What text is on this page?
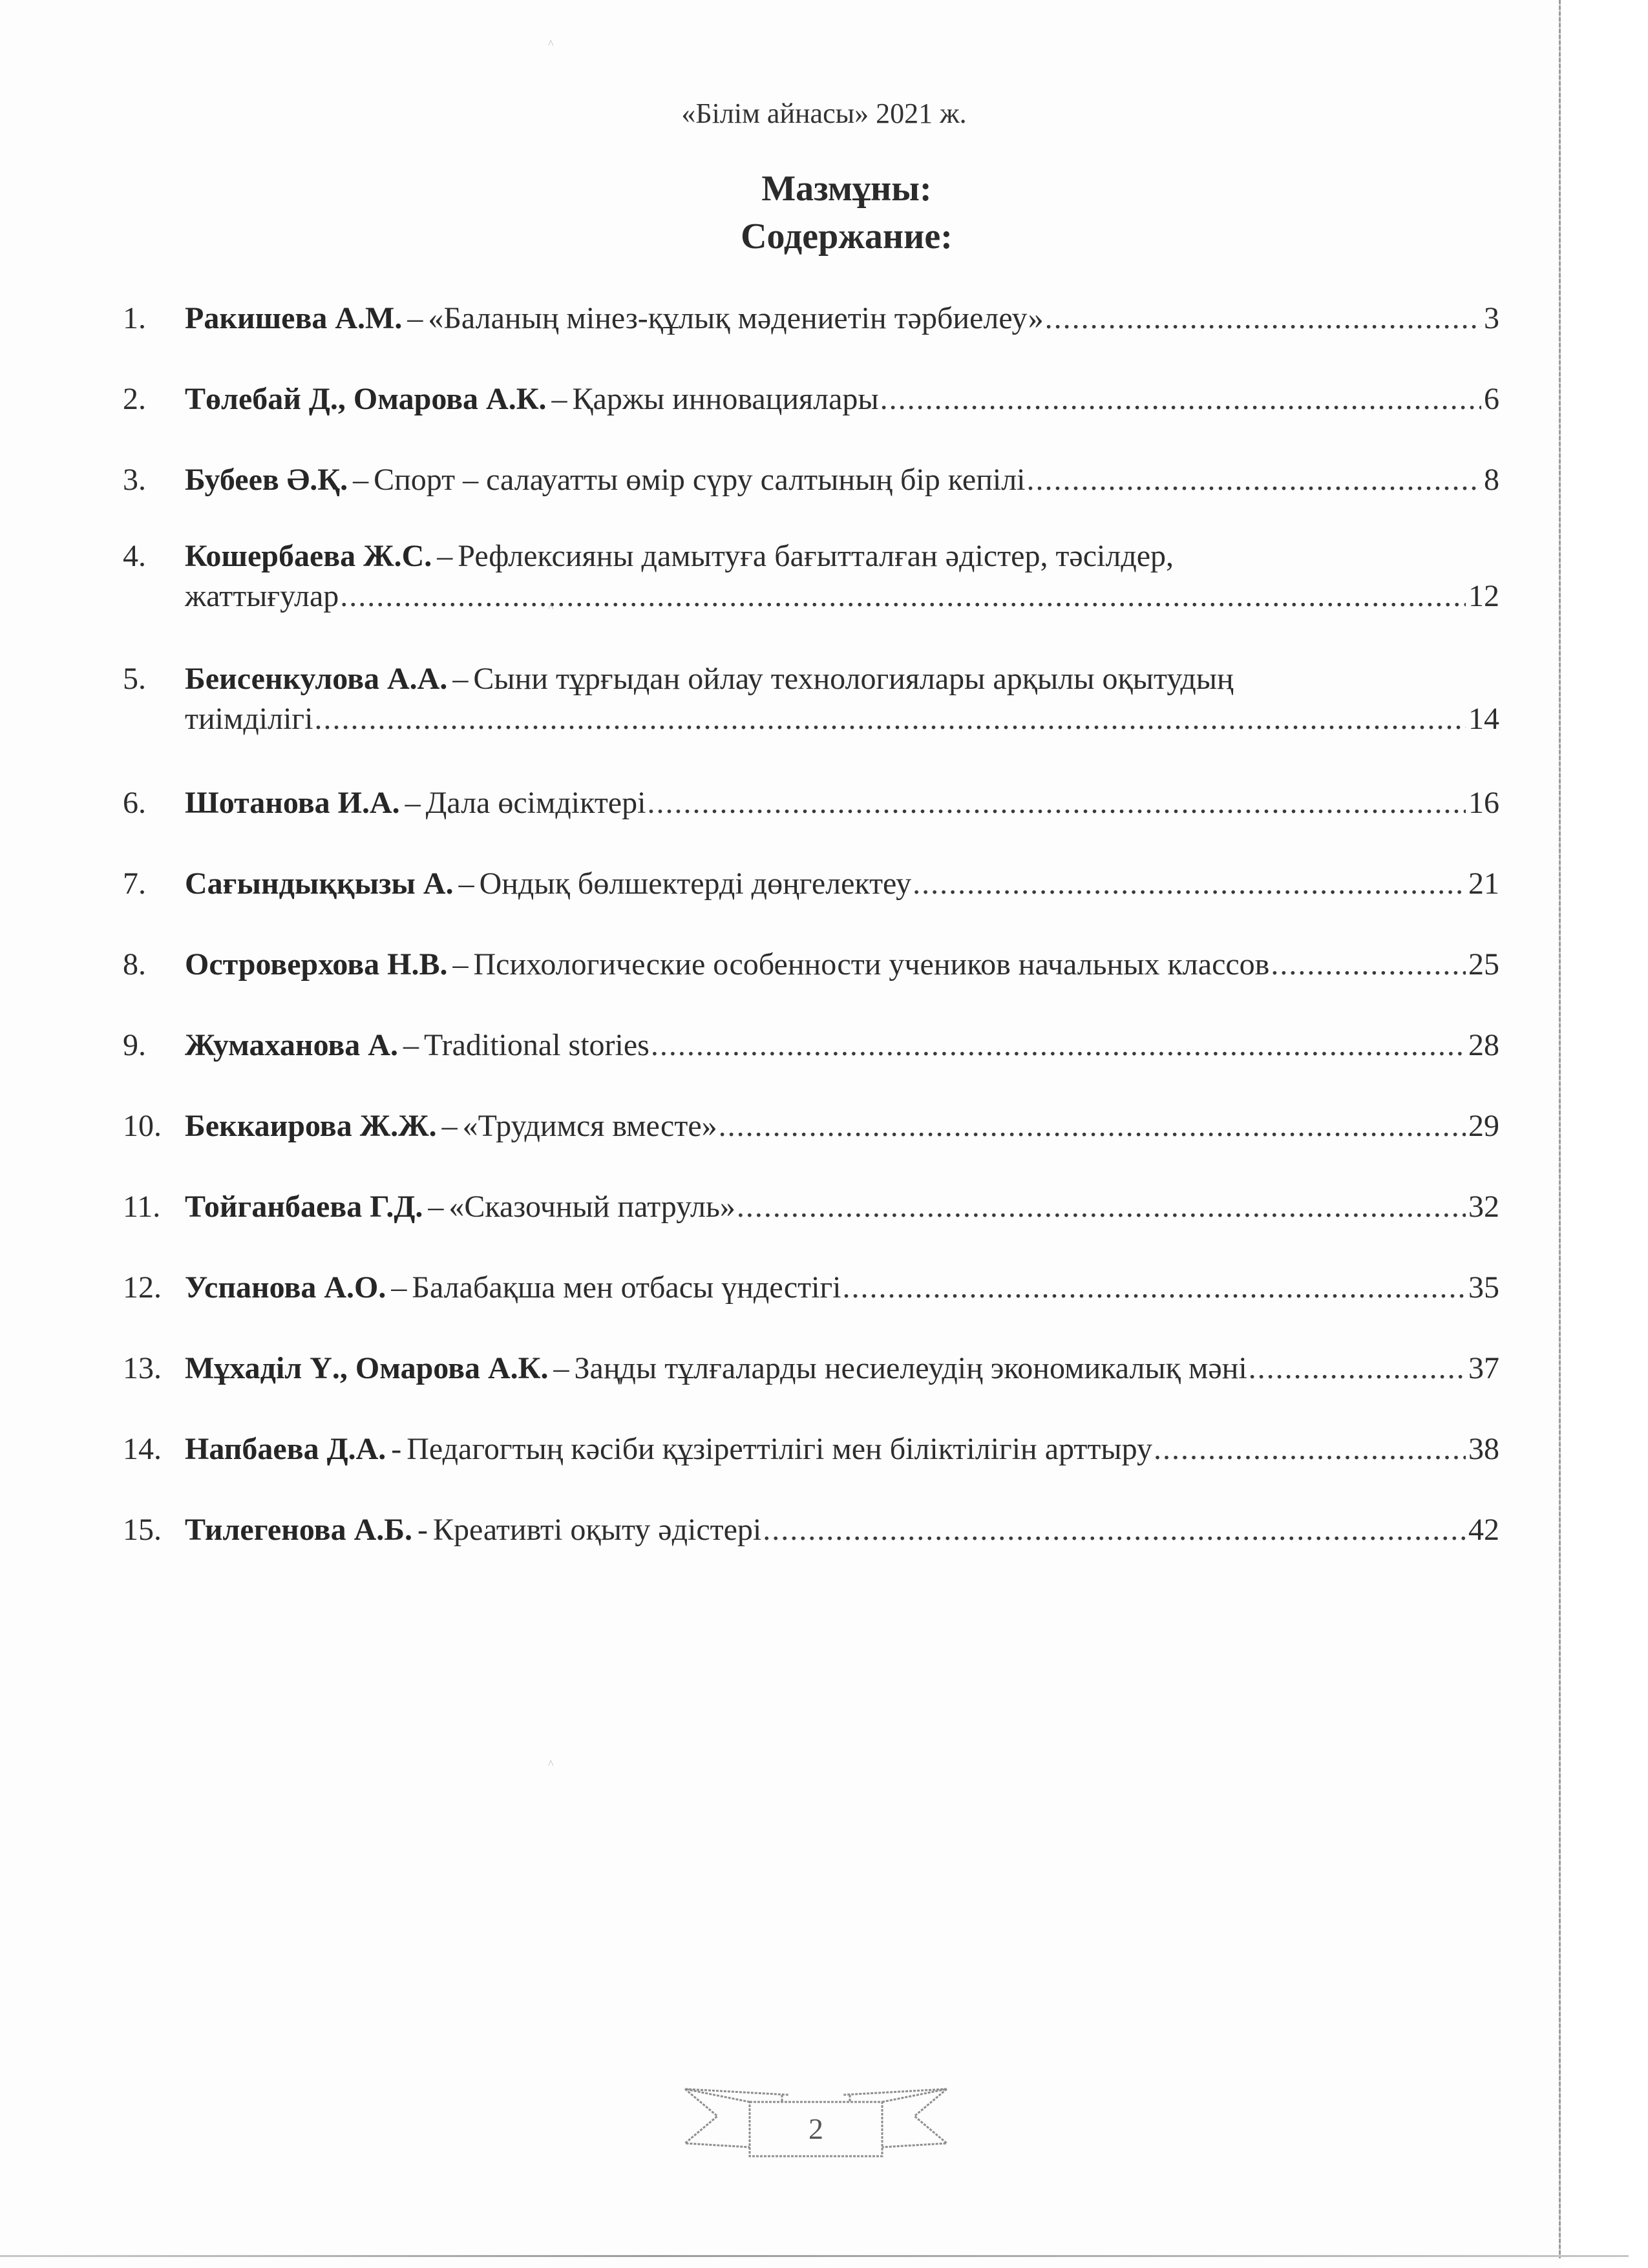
«Білім айнасы» 2021 ж.
Мазмұны:
Содержание:
1.	Ракишева А.М. – «Баланың мінез-құлық мәдениетін тәрбиелеу» .....	3
2.	Төлебай Д., Омарова А.К. – Қаржы инновациялары .....	6
3.	Бубеев Ә.Қ. – Спорт – салауатты өмір сүру салтының бір кепілі .....	8
4.	Кошербаева Ж.С. – Рефлексияны дамытуға бағытталған әдістер, тәсілдер,
жаттығулар .....	12
5.	Беисенкулова А.А. – Сыни тұрғыдан ойлау технологиялары арқылы оқытудың
тиімділігі .....	14
6.	Шотанова И.А. – Дала өсімдіктері .....	16
7.	Сағындыққызы А. – Ондық бөлшектерді дөңгелектеу .....	21
8.	Островерхова Н.В. – Психологические особенности учеников начальных классов .....	25
9.	Жумаханова А. – Traditional stories .....	28
10. Беккаирова Ж.Ж. – «Трудимся вместе» .....	29
11. Тойганбаева Г.Д. – «Сказочный патруль» .....	32
12. Успанова А.О. – Балабақша мен отбасы үндестігі .....	35
13. Мұхаділ Ү., Омарова А.К. – Заңды тұлғаларды несиелеудің экономикалық мәні .....	37
14. Напбаева Д.А. - Педагогтың кәсіби құзіреттілігі мен біліктілігін арттыру .....	38
15. Тилегенова А.Б. - Креативті оқыту әдістері .....	42
2
^
^
^
